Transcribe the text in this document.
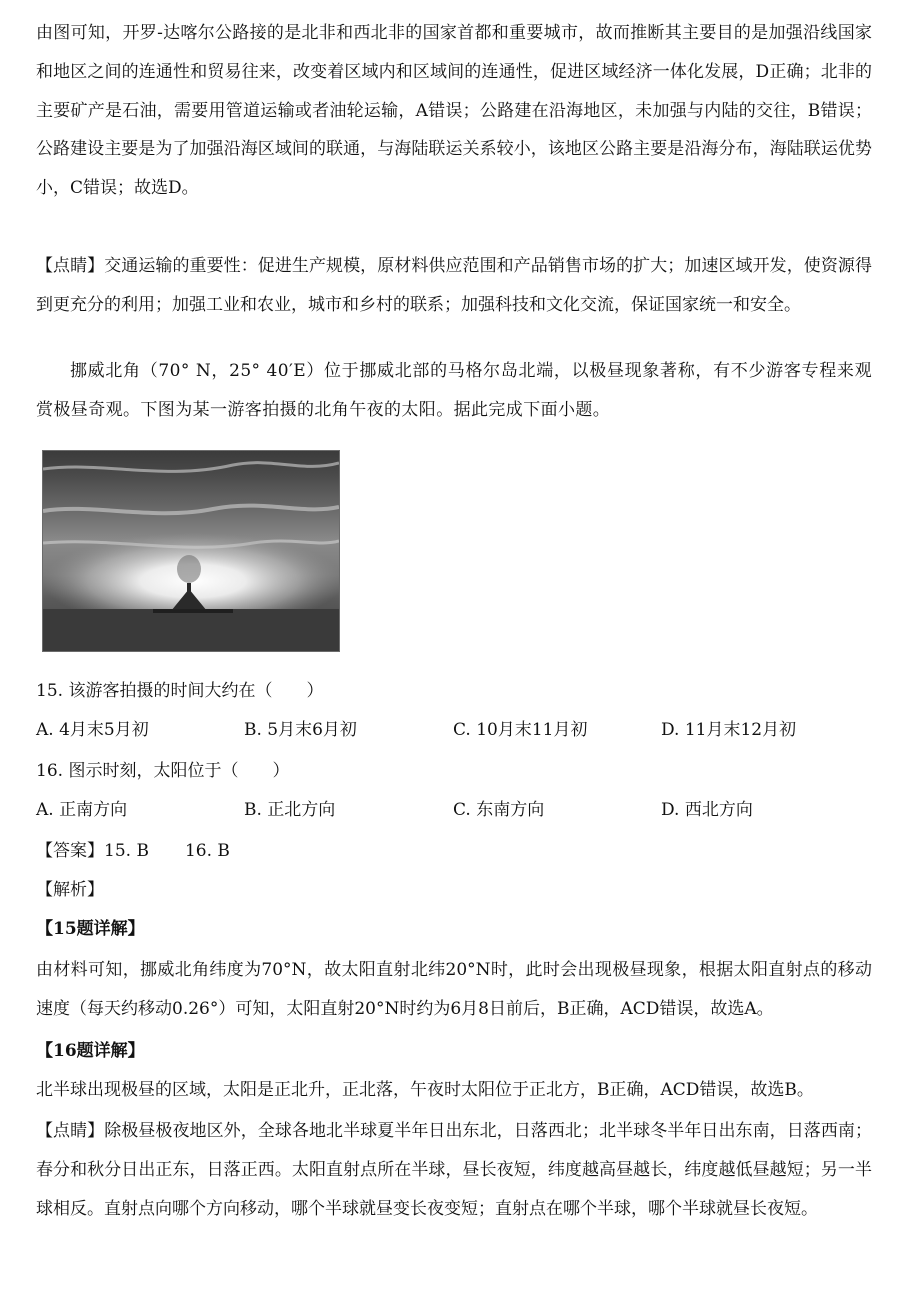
由图可知，开罗-达喀尔公路接的是北非和西北非的国家首都和重要城市，故而推断其主要目的是加强沿线国家和地区之间的连通性和贸易往来，改变着区域内和区域间的连通性，促进区域经济一体化发展，D正确；北非的主要矿产是石油，需要用管道运输或者油轮运输，A错误；公路建在沿海地区，未加强与内陆的交往，B错误；公路建设主要是为了加强沿海区域间的联通，与海陆联运关系较小，该地区公路主要是沿海分布，海陆联运优势小，C错误；故选D。

【点睛】交通运输的重要性：促进生产规模，原材料供应范围和产品销售市场的扩大；加速区域开发，使资源得到更充分的利用；加强工业和农业，城市和乡村的联系；加强科技和文化交流，保证国家统一和安全。

挪威北角（70° N，25° 40′E）位于挪威北部的马格尔岛北端，以极昼现象著称，有不少游客专程来观赏极昼奇观。下图为某一游客拍摄的北角午夜的太阳。据此完成下面小题。

15. 该游客拍摄的时间大约在（　　）
A. 4月末5月初	B. 5月末6月初	C. 10月末11月初	D. 11月末12月初
16. 图示时刻，太阳位于（　　）
A. 正南方向	B. 正北方向	C. 东南方向	D. 西北方向
【答案】15. B 16. B
【解析】
【15题详解】

由材料可知，挪威北角纬度为70°N，故太阳直射北纬20°N时，此时会出现极昼现象，根据太阳直射点的移动速度（每天约移动0.26°）可知，太阳直射20°N时约为6月8日前后，B正确，ACD错误，故选A。

【16题详解】

北半球出现极昼的区域，太阳是正北升，正北落，午夜时太阳位于正北方，B正确，ACD错误，故选B。

【点睛】除极昼极夜地区外，全球各地北半球夏半年日出东北，日落西北；北半球冬半年日出东南，日落西南；春分和秋分日出正东，日落正西。太阳直射点所在半球，昼长夜短，纬度越高昼越长，纬度越低昼越短；另一半球相反。直射点向哪个方向移动，哪个半球就昼变长夜变短；直射点在哪个半球，哪个半球就昼长夜短。
